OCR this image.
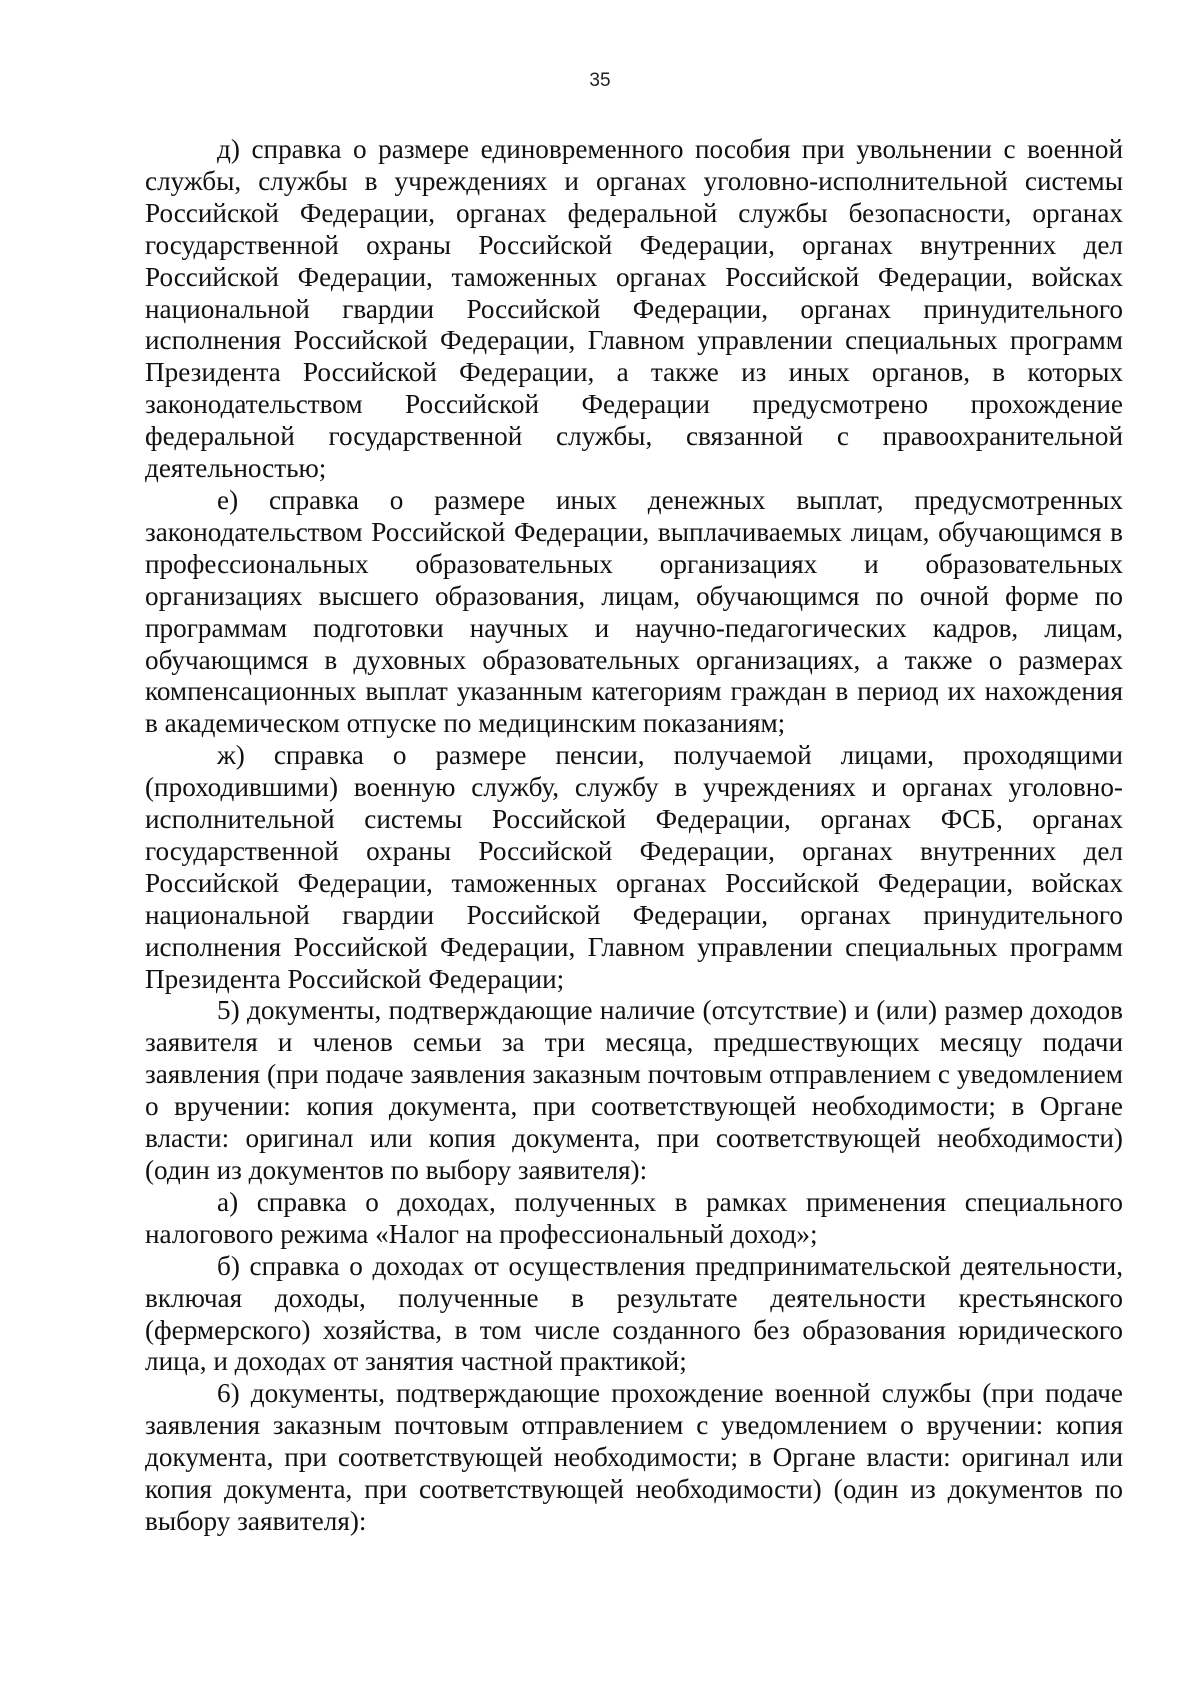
35

д) справка о размере единовременного пособия при увольнении с военной службы, службы в учреждениях и органах уголовно-исполнительной системы Российской Федерации, органах федеральной службы безопасности, органах государственной охраны Российской Федерации, органах внутренних дел Российской Федерации, таможенных органах Российской Федерации, войсках национальной гвардии Российской Федерации, органах принудительного исполнения Российской Федерации, Главном управлении специальных программ Президента Российской Федерации, а также из иных органов, в которых законодательством Российской Федерации предусмотрено прохождение федеральной государственной службы, связанной с правоохранительной деятельностью;

е) справка о размере иных денежных выплат, предусмотренных законодательством Российской Федерации, выплачиваемых лицам, обучающимся в профессиональных образовательных организациях и образовательных организациях высшего образования, лицам, обучающимся по очной форме по программам подготовки научных и научно-педагогических кадров, лицам, обучающимся в духовных образовательных организациях, а также о размерах компенсационных выплат указанным категориям граждан в период их нахождения в академическом отпуске по медицинским показаниям;

ж) справка о размере пенсии, получаемой лицами, проходящими (проходившими) военную службу, службу в учреждениях и органах уголовно-исполнительной системы Российской Федерации, органах ФСБ, органах государственной охраны Российской Федерации, органах внутренних дел Российской Федерации, таможенных органах Российской Федерации, войсках национальной гвардии Российской Федерации, органах принудительного исполнения Российской Федерации, Главном управлении специальных программ Президента Российской Федерации;

5) документы, подтверждающие наличие (отсутствие) и (или) размер доходов заявителя и членов семьи за три месяца, предшествующих месяцу подачи заявления (при подаче заявления заказным почтовым отправлением с уведомлением о вручении: копия документа, при соответствующей необходимости; в Органе власти: оригинал или копия документа, при соответствующей необходимости) (один из документов по выбору заявителя):

а) справка о доходах, полученных в рамках применения специального налогового режима «Налог на профессиональный доход»;

б) справка о доходах от осуществления предпринимательской деятельности, включая доходы, полученные в результате деятельности крестьянского (фермерского) хозяйства, в том числе созданного без образования юридического лица, и доходах от занятия частной практикой;

6) документы, подтверждающие прохождение военной службы (при подаче заявления заказным почтовым отправлением с уведомлением о вручении: копия документа, при соответствующей необходимости; в Органе власти: оригинал или копия документа, при соответствующей необходимости) (один из документов по выбору заявителя):
